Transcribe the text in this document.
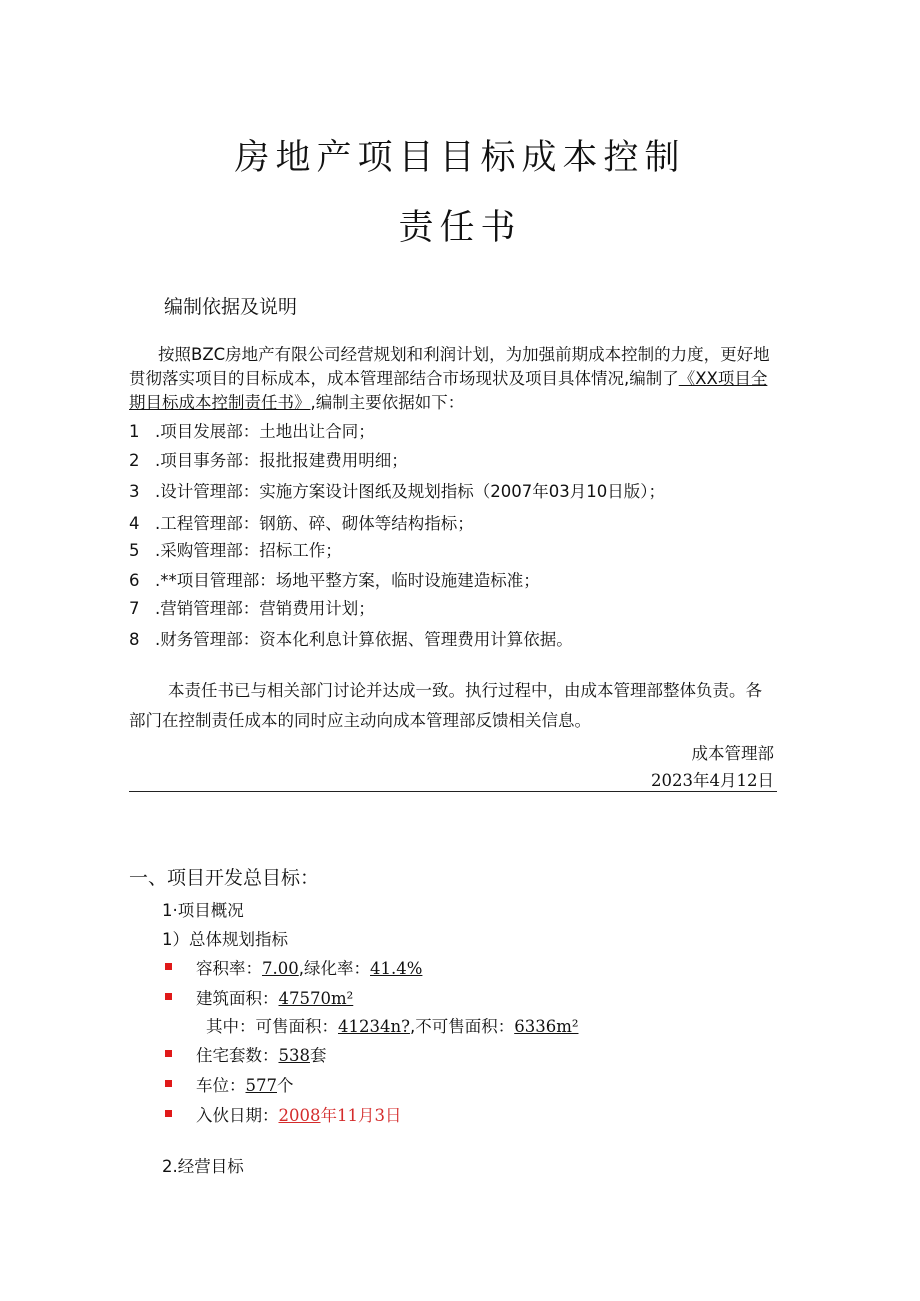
房地产项目目标成本控制
责任书
编制依据及说明
按照BZC房地产有限公司经营规划和利润计划，为加强前期成本控制的力度，更好地
贯彻落实项目的目标成本，成本管理部结合市场现状及项目具体情况,编制了《XX项目全
期目标成本控制责任书》,编制主要依据如下：
1 .项目发展部：土地出让合同；
2 .项目事务部：报批报建费用明细；
3 .设计管理部：实施方案设计图纸及规划指标（2007年03月10日版）；
4 .工程管理部：钢筋、碎、砌体等结构指标；
5 .采购管理部：招标工作；
6 .**项目管理部：场地平整方案，临时设施建造标准；
7 .营销管理部：营销费用计划；
8 .财务管理部：资本化利息计算依据、管理费用计算依据。
本责任书已与相关部门讨论并达成一致。执行过程中，由成本管理部整体负责。各
部门在控制责任成本的同时应主动向成本管理部反馈相关信息。
成本管理部
2023年4月12日
一、项目开发总目标：
1·项目概况
1）总体规划指标
容积率：7.00,绿化率：41.4%
建筑面积：47570m²
其中：可售面积：41234n?,不可售面积：6336m²
住宅套数：538套
车位：577个
入伙日期：2008年11月3日
2.经营目标
